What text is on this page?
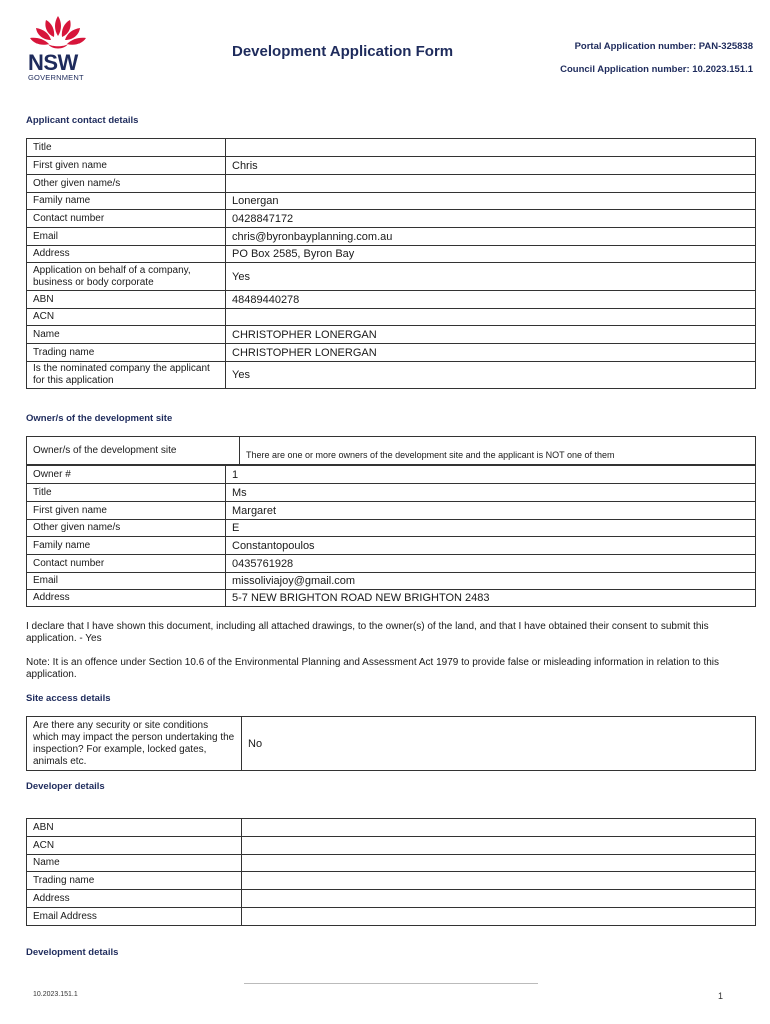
NSW
GOVERNMENT
Development Application Form	Portal Application number: PAN-325838
Council Application number: 10.2023.151.1
Applicant contact details
Title	
First given name	Chris
Other given name/s	
Family name	Lonergan
Contact number	0428847172
Email	chris@byronbayplanning.com.au
Address	PO Box 2585, Byron Bay
Application on behalf of a company, business or body corporate	Yes
ABN	48489440278
ACN	
Name	CHRISTOPHER LONERGAN
Trading name	CHRISTOPHER LONERGAN
Is the nominated company the applicant for this application	Yes
Owner/s of the development site
Owner/s of the development site	There are one or more owners of the development site and the applicant is NOT one of them
Owner #	1
Title	Ms
First given name	Margaret
Other given name/s	E
Family name	Constantopoulos
Contact number	0435761928
Email	missoliviajoy@gmail.com
Address	5-7 NEW BRIGHTON ROAD NEW BRIGHTON 2483
I declare that I have shown this document, including all attached drawings, to the owner(s) of the land, and that I have obtained their consent to submit this application. - Yes
Note: It is an offence under Section 10.6 of the Environmental Planning and Assessment Act 1979 to provide false or misleading information in relation to this application.
Site access details
Are there any security or site conditions which may impact the person undertaking the inspection? For example, locked gates, animals etc.	No
Developer details
ABN	
ACN	
Name	
Trading name	
Address	
Email Address	
Development details
10.2023.151.1	1
